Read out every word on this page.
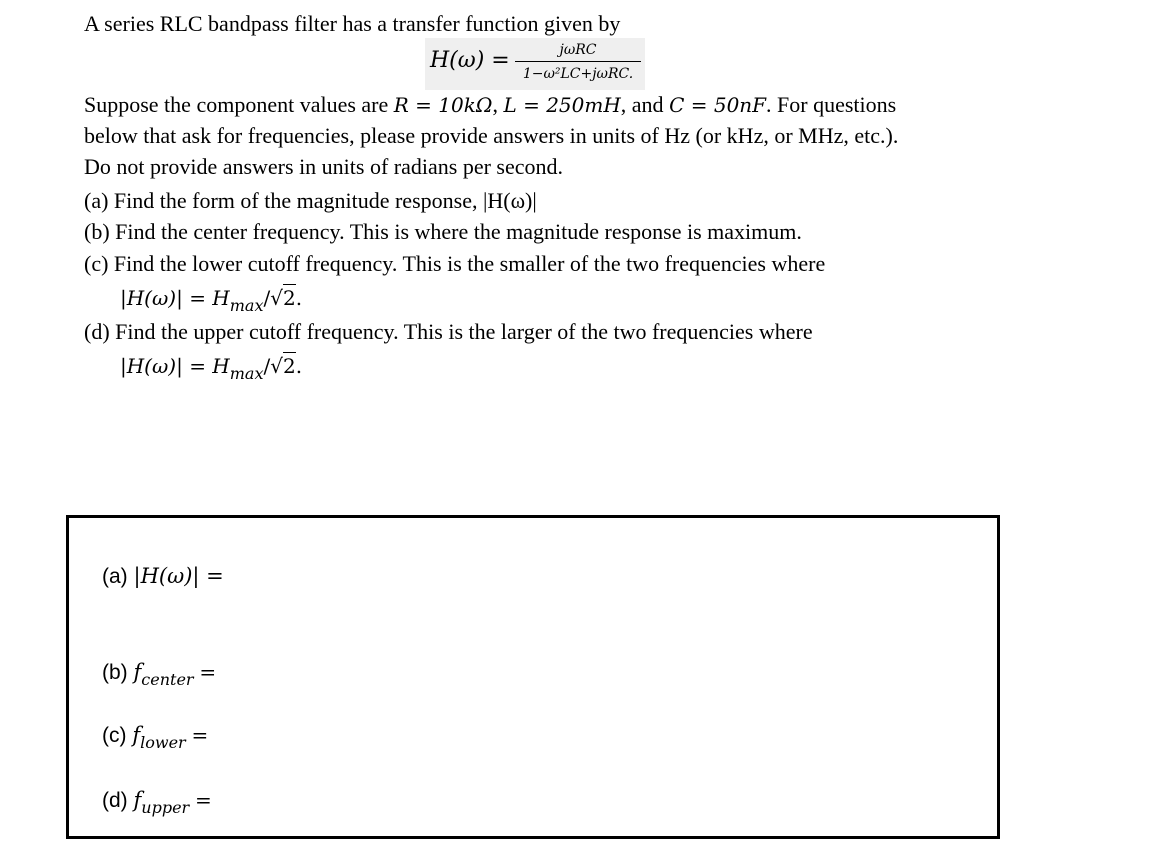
A series RLC bandpass filter has a transfer function given by
H(ω) =	jωRC
1−ω²LC+jωRC.
Suppose the component values are R = 10kΩ, L = 250mH, and C = 50nF. For questions
below that ask for frequencies, please provide answers in units of Hz (or kHz, or MHz, etc.).
Do not provide answers in units of radians per second.
(a) Find the form of the magnitude response, |H(ω)|
(b) Find the center frequency. This is where the magnitude response is maximum.
(c) Find the lower cutoff frequency. This is the smaller of the two frequencies where
$|H(\omega)| = H_{max}/√2$.
(d) Find the upper cutoff frequency. This is the larger of the two frequencies where
$|H(\omega)| = H_{max}/√2$.
(a) |H(ω)| =
(b) $f_{center}$ =
(c) $f_{lower}$ =
(d) $f_{upper}$ =
